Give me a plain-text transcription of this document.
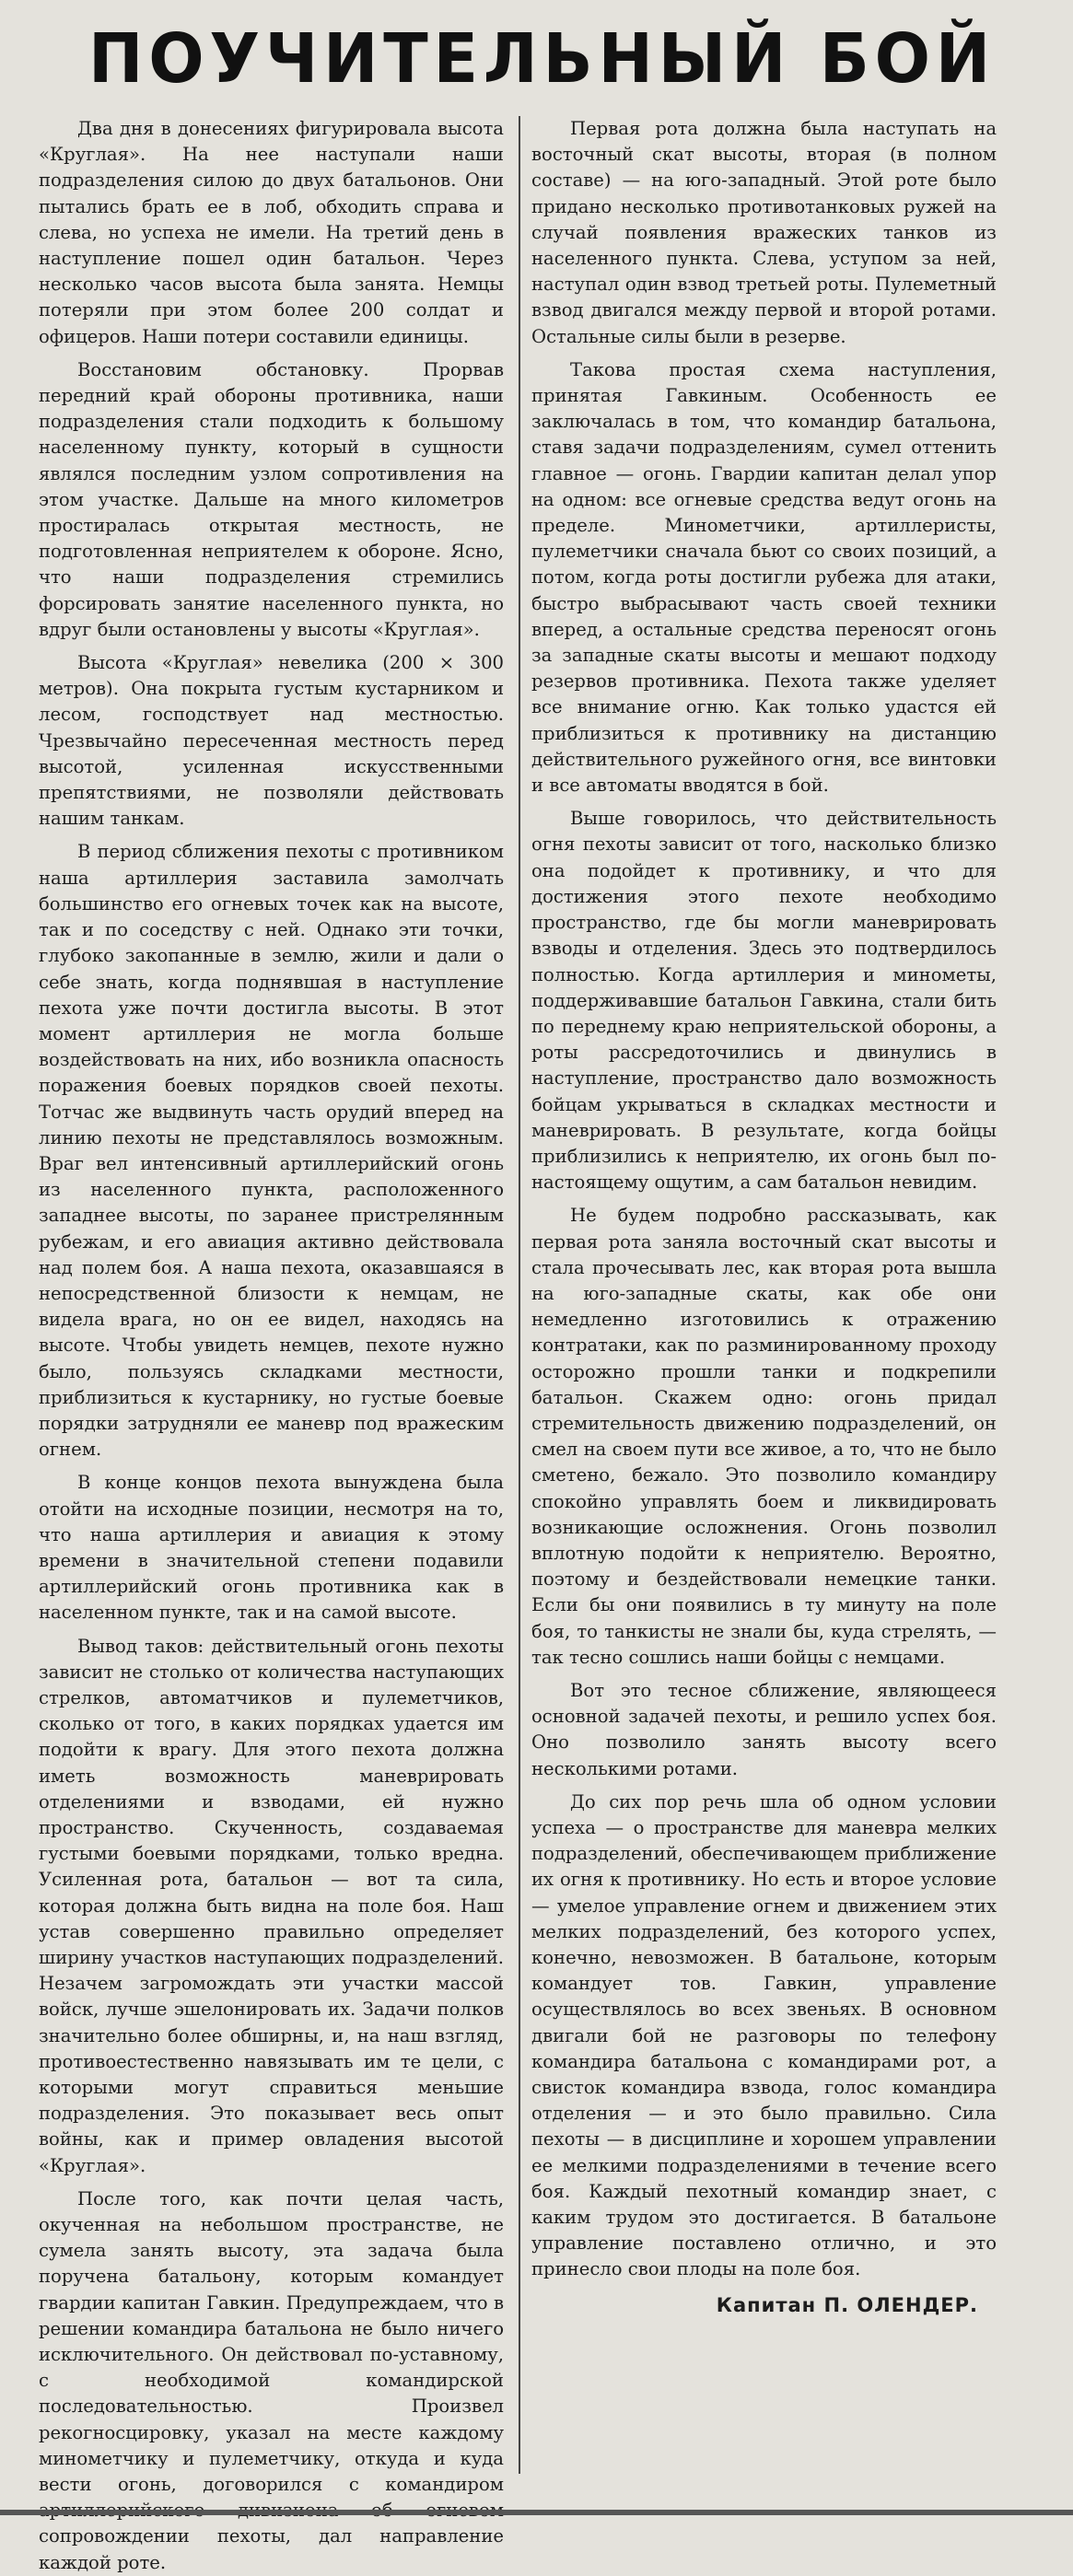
ПОУЧИТЕЛЬНЫЙ БОЙ

Два дня в донесениях фигурировала высота «Круглая». На нее наступали наши подразделения силою до двух батальонов. Они пытались брать ее в лоб, обходить справа и слева, но успеха не имели. На третий день в наступление пошел один батальон. Через несколько часов высота была занята. Немцы потеряли при этом более 200 солдат и офицеров. Наши потери составили единицы.

Восстановим обстановку. Прорвав передний край обороны противника, наши подразделения стали подходить к большому населенному пункту, который в сущности являлся последним узлом сопротивления на этом участке. Дальше на много километров простиралась открытая местность, не подготовленная неприятелем к обороне. Ясно, что наши подразделения стремились форсировать занятие населенного пункта, но вдруг были остановлены у высоты «Круглая».

Высота «Круглая» невелика (200 × 300 метров). Она покрыта густым кустарником и лесом, господствует над местностью. Чрезвычайно пересеченная местность перед высотой, усиленная искусственными препятствиями, не позволяли действовать нашим танкам.

В период сближения пехоты с противником наша артиллерия заставила замолчать большинство его огневых точек как на высоте, так и по соседству с ней. Однако эти точки, глубоко закопанные в землю, жили и дали о себе знать, когда поднявшая в наступление пехота уже почти достигла высоты. В этот момент артиллерия не могла больше воздействовать на них, ибо возникла опасность поражения боевых порядков своей пехоты. Тотчас же выдвинуть часть орудий вперед на линию пехоты не представлялось возможным. Враг вел интенсивный артиллерийский огонь из населенного пункта, расположенного западнее высоты, по заранее пристрелянным рубежам, и его авиация активно действовала над полем боя. А наша пехота, оказавшаяся в непосредственной близости к немцам, не видела врага, но он ее видел, находясь на высоте. Чтобы увидеть немцев, пехоте нужно было, пользуясь складками местности, приблизиться к кустарнику, но густые боевые порядки затрудняли ее маневр под вражеским огнем.

В конце концов пехота вынуждена была отойти на исходные позиции, несмотря на то, что наша артиллерия и авиация к этому времени в значительной степени подавили артиллерийский огонь противника как в населенном пункте, так и на самой высоте.

Вывод таков: действительный огонь пехоты зависит не столько от количества наступающих стрелков, автоматчиков и пулеметчиков, сколько от того, в каких порядках удается им подойти к врагу. Для этого пехота должна иметь возможность маневрировать отделениями и взводами, ей нужно пространство. Скученность, создаваемая густыми боевыми порядками, только вредна. Усиленная рота, батальон — вот та сила, которая должна быть видна на поле боя. Наш устав совершенно правильно определяет ширину участков наступающих подразделений. Незачем загромождать эти участки массой войск, лучше эшелонировать их. Задачи полков значительно более обширны, и, на наш взгляд, противоестественно навязывать им те цели, с которыми могут справиться меньшие подразделения. Это показывает весь опыт войны, как и пример овладения высотой «Круглая».

После того, как почти целая часть, окученная на небольшом пространстве, не сумела занять высоту, эта задача была поручена батальону, которым командует гвардии капитан Гавкин. Предупреждаем, что в решении командира батальона не было ничего исключительного. Он действовал по-уставному, с необходимой командирской последовательностью. Произвел рекогносцировку, указал на месте каждому минометчику и пулеметчику, откуда и куда вести огонь, договорился с командиром сопровождении пехоты, дал направление каждой роте.

Первая рота должна была наступать на восточный скат высоты, вторая (в полном составе) — на юго-западный. Этой роте было придано несколько противотанковых ружей на случай появления вражеских танков из населенного пункта. Слева, уступом за ней, наступал один взвод третьей роты. Пулеметный взвод двигался между первой и второй ротами. Остальные силы были в резерве.

Такова простая схема наступления, принятая Гавкиным. Особенность ее заключалась в том, что командир батальона, ставя задачи подразделениям, сумел оттенить главное — огонь. Гвардии капитан делал упор на одном: все огневые средства ведут огонь на пределе. Минометчики, артиллеристы, пулеметчики сначала бьют со своих позиций, а потом, когда роты достигли рубежа для атаки, быстро выбрасывают часть своей техники вперед, а остальные средства переносят огонь за западные скаты высоты и мешают подходу резервов противника. Пехота также уделяет все внимание огню. Как только удастся ей приблизиться к противнику на дистанцию действительного ружейного огня, все винтовки и все автоматы вводятся в бой.

Выше говорилось, что действительность огня пехоты зависит от того, насколько близко она подойдет к противнику, и что для достижения этого пехоте необходимо пространство, где бы могли маневрировать взводы и отделения. Здесь это подтвердилось полностью. Когда артиллерия и минометы, поддерживавшие батальон Гавкина, стали бить по переднему краю неприятельской обороны, а роты рассредоточились и двинулись в наступление, пространство дало возможность бойцам укрываться в складках местности и маневрировать. В результате, когда бойцы приблизились к неприятелю, их огонь был по-настоящему ощутим, а сам батальон невидим.

Не будем подробно рассказывать, как первая рота заняла восточный скат высоты и стала прочесывать лес, как вторая рота вышла на юго-западные скаты, как обе они немедленно изготовились к отражению контратаки, как по разминированному проходу осторожно прошли танки и подкрепили батальон. Скажем одно: огонь придал стремительность движению подразделений, он смел на своем пути все живое, а то, что не было сметено, бежало. Это позволило командиру спокойно управлять боем и ликвидировать возникающие осложнения. Огонь позволил вплотную подойти к неприятелю. Вероятно, поэтому и бездействовали немецкие танки. Если бы они появились в ту минуту на поле боя, то танкисты не знали бы, куда стрелять, — так тесно сошлись наши бойцы с немцами.

Вот это тесное сближение, являющееся основной задачей пехоты, и решило успех боя. Оно позволило занять высоту всего несколькими ротами.

До сих пор речь шла об одном условии успеха — о пространстве для маневра мелких подразделений, обеспечивающем приближение их огня к противнику. Но есть и второе условие — умелое управление огнем и движением этих мелких подразделений, без которого успех, конечно, невозможен. В батальоне, которым командует тов. Гавкин, управление осуществлялось во всех звеньях. В основном двигали бой не разговоры по телефону командира батальона с командирами рот, а свисток командира взвода, голос командира отделения — и это было правильно. Сила пехоты — в дисциплине и хорошем управлении ее мелкими подразделениями в течение всего боя. Каждый пехотный командир знает, с каким трудом это достигается. В батальоне управление поставлено отлично, и это принесло свои плоды на поле боя.

Капитан П. ОЛЕНДЕР.
